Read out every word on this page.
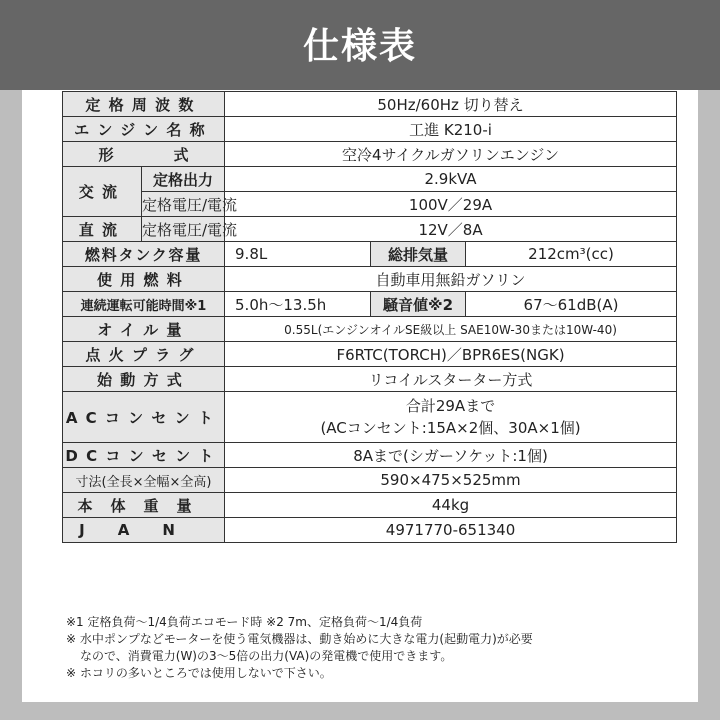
仕様表
定格周波数		50Hz/60Hz 切り替え		
エンジン名称		工進 K210-i		
形　　　　式		空冷4サイクルガソリンエンジン		
交流	定格出力	2.9kVA		
	定格電圧/電流	100V／29A		
直流	定格電圧/電流	12V／8A		
燃料タンク容量		9.8L	総排気量	212cm³(cc)
使用燃料		自動車用無鉛ガソリン		
連続運転可能時間※1		5.0h〜13.5h	騒音値※2	67〜61dB(A)
オイル量		0.55L(エンジンオイルSE級以上 SAE10W-30または10W-40)		
点火プラグ		F6RTC(TORCH)／BPR6ES(NGK)		
始動方式		リコイルスターター方式		
ACコンセント		合計29Aまで
(ACコンセント:15A×2個、30A×1個)		

DCコンセント		8Aまで(シガーソケット:1個)		
寸法(全長×全幅×全高)		590×475×525mm		
本体重量		44kg		
JAN		4971770-651340		
※1 定格負荷〜1/4負荷エコモード時 ※2 7m、定格負荷〜1/4負荷
※ 水中ポンプなどモーターを使う電気機器は、動き始めに大きな電力(起動電力)が必要
なので、消費電力(W)の3〜5倍の出力(VA)の発電機で使用できます。
※ ホコリの多いところでは使用しないで下さい。
